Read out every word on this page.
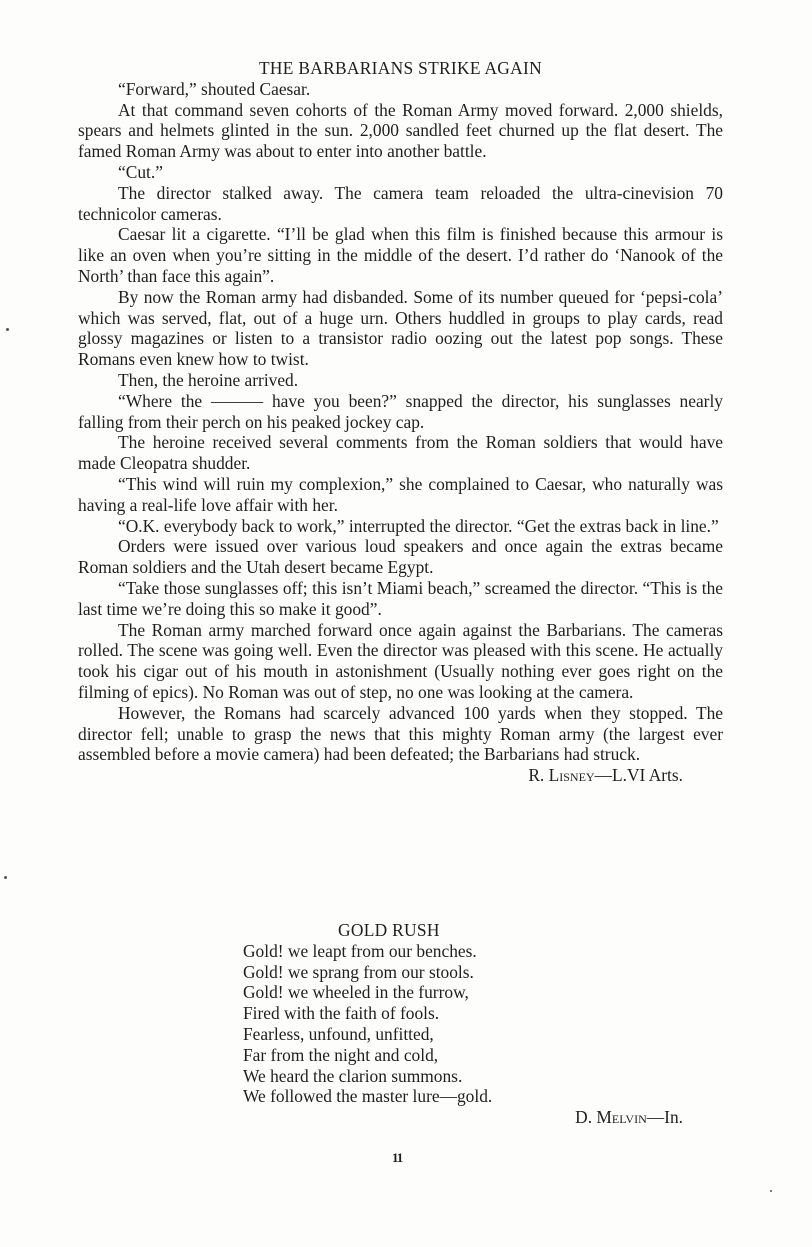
THE BARBARIANS STRIKE AGAIN

“Forward,” shouted Caesar.

At that command seven cohorts of the Roman Army moved forward. 2,000 shields, spears and helmets glinted in the sun. 2,000 sandled feet churned up the flat desert. The famed Roman Army was about to enter into another battle.

“Cut.”

The director stalked away. The camera team reloaded the ultra-cinevision 70 technicolor cameras.

Caesar lit a cigarette. “I’ll be glad when this film is finished because this armour is like an oven when you’re sitting in the middle of the desert. I’d rather do ‘Nanook of the North’ than face this again”.

By now the Roman army had disbanded. Some of its number queued for ‘pepsi-cola’ which was served, flat, out of a huge urn. Others huddled in groups to play cards, read glossy magazines or listen to a transistor radio oozing out the latest pop songs. These Romans even knew how to twist.

Then, the heroine arrived.

“Where the ——— have you been?” snapped the director, his sunglasses nearly falling from their perch on his peaked jockey cap.

The heroine received several comments from the Roman soldiers that would have made Cleopatra shudder.

“This wind will ruin my complexion,” she complained to Caesar, who naturally was having a real-life love affair with her.

“O.K. everybody back to work,” interrupted the director. “Get the extras back in line.”

Orders were issued over various loud speakers and once again the extras became Roman soldiers and the Utah desert became Egypt.

“Take those sunglasses off; this isn’t Miami beach,” screamed the director. “This is the last time we’re doing this so make it good”.

The Roman army marched forward once again against the Barbarians. The cameras rolled. The scene was going well. Even the director was pleased with this scene. He actually took his cigar out of his mouth in astonishment (Usually nothing ever goes right on the filming of epics). No Roman was out of step, no one was looking at the camera.

However, the Romans had scarcely advanced 100 yards when they stopped. The director fell; unable to grasp the news that this mighty Roman army (the largest ever assembled before a movie camera) had been defeated; the Barbarians had struck.

R. Lisney—L.VI Arts.

GOLD RUSH

Gold! we leapt from our benches.

Gold! we sprang from our stools.

Gold! we wheeled in the furrow,

Fired with the faith of fools.

Fearless, unfound, unfitted,

Far from the night and cold,

We heard the clarion summons.

We followed the master lure—gold.

D. Melvin—In.

11
